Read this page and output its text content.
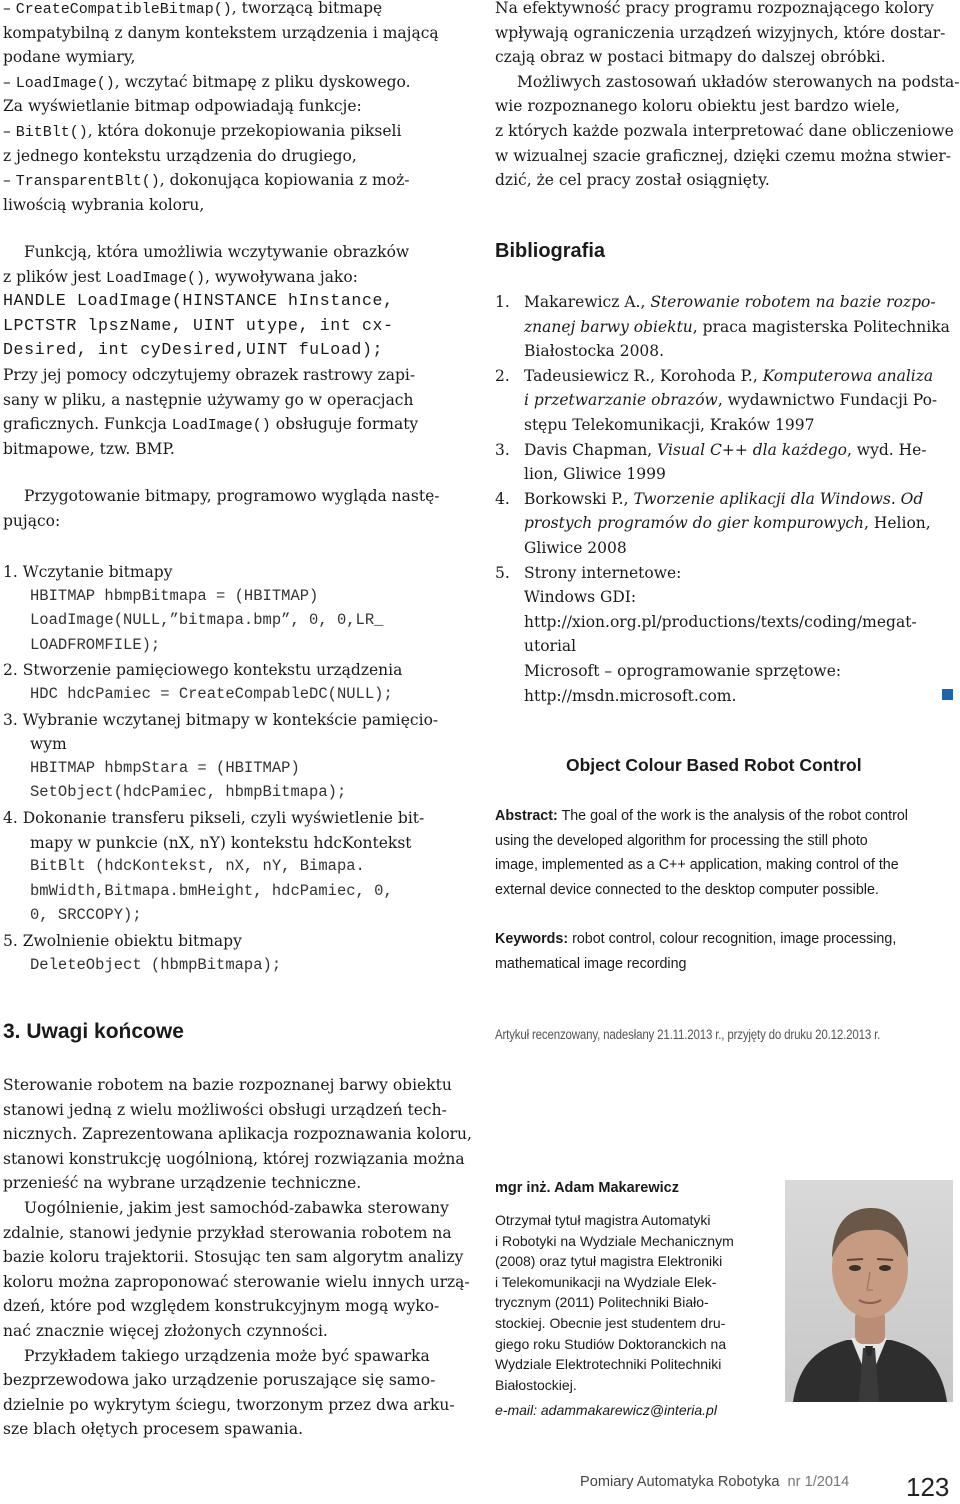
– CreateCompatibleBitmap(), tworzącą bitmapę
kompatybilną z danym kontekstem urządzenia i mającą
podane wymiary,
– LoadImage(), wczytać bitmapę z pliku dyskowego.
Za wyświetlanie bitmap odpowiadają funkcje:
– BitBlt(), która dokonuje przekopiowania pikseli
z jednego kontekstu urządzenia do drugiego,
– TransparentBlt(), dokonująca kopiowania z moż-
liwością wybrania koloru,
Funkcją, która umożliwia wczytywanie obrazków
z plików jest LoadImage(), wywoływana jako:
HANDLE LoadImage(HINSTANCE hInstance,
LPCTSTR lpszName, UINT utype, int cx-
Desired, int cyDesired,UINT fuLoad);
Przy jej pomocy odczytujemy obrazek rastrowy zapi-
sany w pliku, a następnie używamy go w operacjach
graficznych. Funkcja LoadImage() obsługuje formaty
bitmapowe, tzw. BMP.
Przygotowanie bitmapy, programowo wygląda nastę-
pująco:
1. Wczytanie bitmapy
HBITMAP hbmpBitmapa = (HBITMAP)
LoadImage(NULL,”bitmapa.bmp”, 0, 0,LR_
LOADFROMFILE);
2. Stworzenie pamięciowego kontekstu urządzenia
HDC hdcPamiec = CreateCompableDC(NULL);
3. Wybranie wczytanej bitmapy w kontekście pamięcio-
wym
HBITMAP hbmpStara = (HBITMAP)
SetObject(hdcPamiec, hbmpBitmapa);
4. Dokonanie transferu pikseli, czyli wyświetlenie bit-
mapy w punkcie (nX, nY) kontekstu hdcKontekst
BitBlt (hdcKontekst, nX, nY, Bimapa.
bmWidth,Bitmapa.bmHeight, hdcPamiec, 0,
0, SRCCOPY);
5. Zwolnienie obiektu bitmapy
DeleteObject (hbmpBitmapa);
3. Uwagi końcowe
Sterowanie robotem na bazie rozpoznanej barwy obiektu
stanowi jedną z wielu możliwości obsługi urządzeń tech-
nicznych. Zaprezentowana aplikacja rozpoznawania koloru,
stanowi konstrukcję uogólnioną, której rozwiązania można
przenieść na wybrane urządzenie techniczne.
Uogólnienie, jakim jest samochód-zabawka sterowany
zdalnie, stanowi jedynie przykład sterowania robotem na
bazie koloru trajektorii. Stosując ten sam algorytm analizy
koloru można zaproponować sterowanie wielu innych urzą-
dzeń, które pod względem konstrukcyjnym mogą wyko-
nać znacznie więcej złożonych czynności.
Przykładem takiego urządzenia może być spawarka
bezprzewodowa jako urządzenie poruszające się samo-
dzielnie po wykrytym ściegu, tworzonym przez dwa arku-
sze blach ołętych procesem spawania.
Na efektywność pracy programu rozpoznającego kolory
wpływają ograniczenia urządzeń wizyjnych, które dostar-
czają obraz w postaci bitmapy do dalszej obróbki.
Możliwych zastosowań układów sterowanych na podsta-
wie rozpoznanego koloru obiektu jest bardzo wiele,
z których każde pozwala interpretować dane obliczeniowe
w wizualnej szacie graficznej, dzięki czemu można stwier-
dzić, że cel pracy został osiągnięty.
Bibliografia
1. Makarewicz A., Sterowanie robotem na bazie rozpo-
znanej barwy obiektu, praca magisterska Politechnika
Białostocka 2008.
2. Tadeusiewicz R., Korohoda P., Komputerowa analiza
i przetwarzanie obrazów, wydawnictwo Fundacji Po-
stępu Telekomunikacji, Kraków 1997
3. Davis Chapman, Visual C++ dla każdego, wyd. He-
lion, Gliwice 1999
4. Borkowski P., Tworzenie aplikacji dla Windows. Od
prostych programów do gier kompurowych, Helion,
Gliwice 2008
5. Strony internetowe:
Windows GDI:
http://xion.org.pl/productions/texts/coding/megat-
utorial
Microsoft – oprogramowanie sprzętowe:
http://msdn.microsoft.com.
Object Colour Based Robot Control
Abstract: The goal of the work is the analysis of the robot control
using the developed algorithm for processing the still photo
image, implemented as a C++ application, making control of the
external device connected to the desktop computer possible.
Keywords: robot control, colour recognition, image processing,
mathematical image recording
Artykuł recenzowany, nadesłany 21.11.2013 r., przyjęty do druku 20.12.2013 r.
mgr inż. Adam Makarewicz
Otrzymał tytuł magistra Automatyki
i Robotyki na Wydziale Mechanicznym
(2008) oraz tytuł magistra Elektroniki
i Telekomunikacji na Wydziale Elek-
trycznym (2011) Politechniki Biało-
stockiej. Obecnie jest studentem dru-
giego roku Studiów Doktoranckich na
Wydziale Elektrotechniki Politechniki
Białostockiej.
e-mail: adammakarewicz@interia.pl
Pomiary Automatyka Robotyka nr 1/2014 123
